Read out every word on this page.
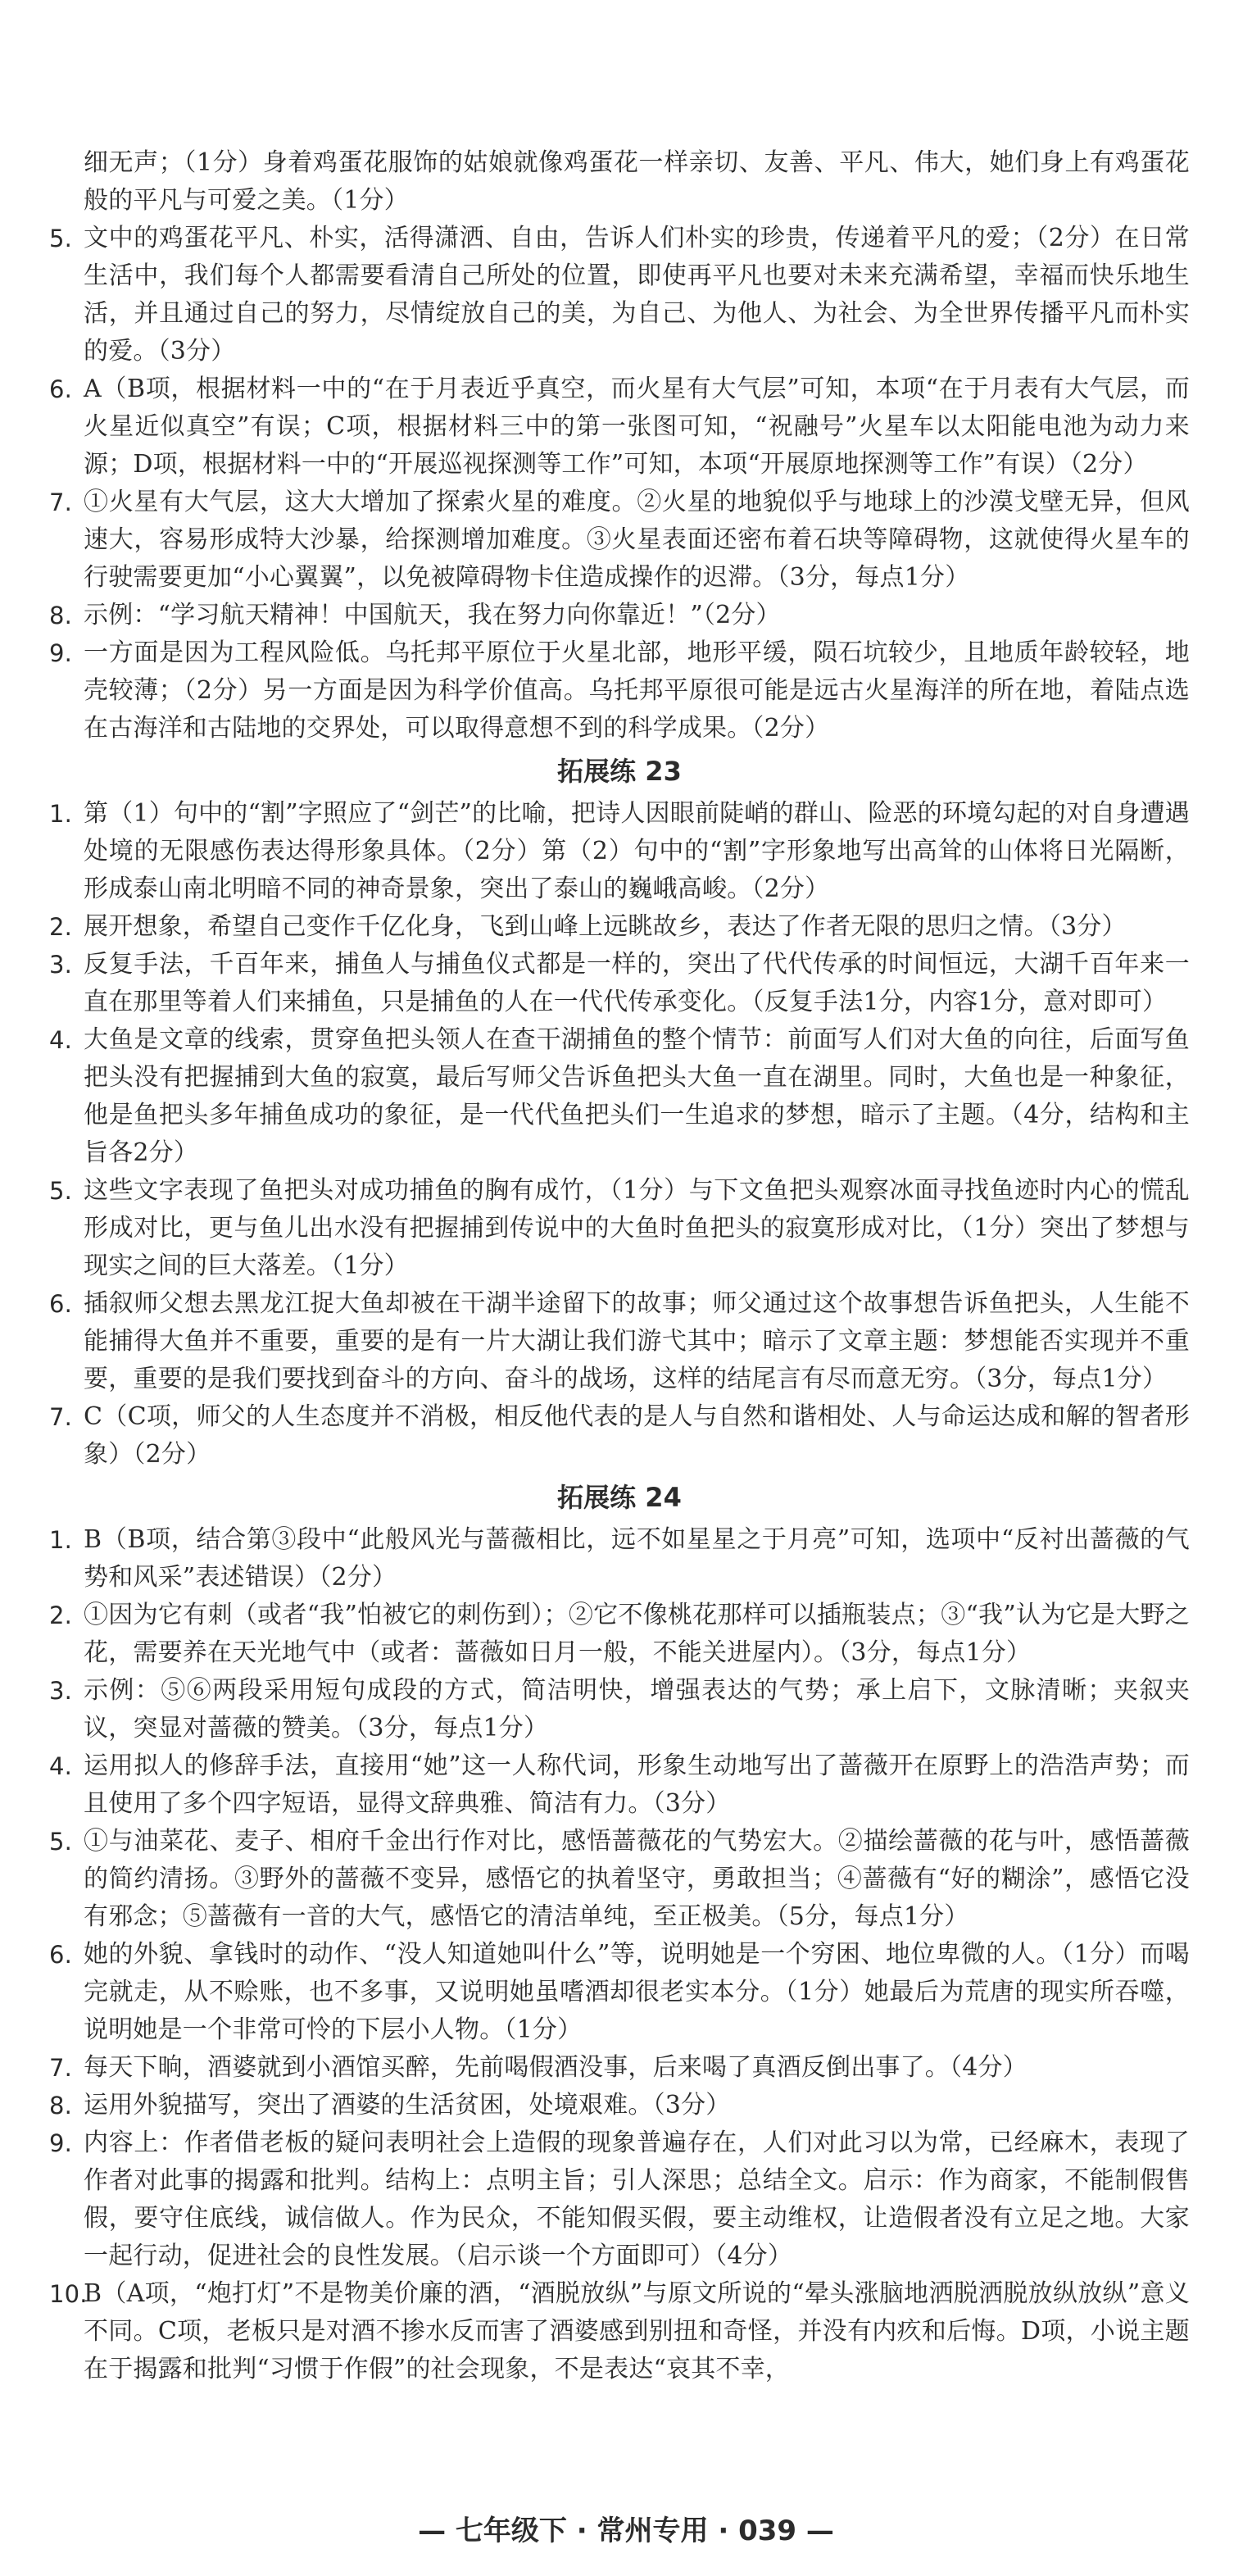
细无声；（1分）身着鸡蛋花服饰的姑娘就像鸡蛋花一样亲切、友善、平凡、伟大，她们身上有鸡蛋花般的平凡与可爱之美。（1分）
5. 文中的鸡蛋花平凡、朴实，活得潇洒、自由，告诉人们朴实的珍贵，传递着平凡的爱；（2分）在日常生活中，我们每个人都需要看清自己所处的位置，即使再平凡也要对未来充满希望，幸福而快乐地生活，并且通过自己的努力，尽情绽放自己的美，为自己、为他人、为社会、为全世界传播平凡而朴实的爱。（3分）
6. A（B项，根据材料一中的“在于月表近乎真空，而火星有大气层”可知，本项“在于月表有大气层，而火星近似真空”有误；C项，根据材料三中的第一张图可知，“祝融号”火星车以太阳能电池为动力来源；D项，根据材料一中的“开展巡视探测等工作”可知，本项“开展原地探测等工作”有误）（2分）
7. ①火星有大气层，这大大增加了探索火星的难度。②火星的地貌似乎与地球上的沙漠戈壁无异，但风速大，容易形成特大沙暴，给探测增加难度。③火星表面还密布着石块等障碍物，这就使得火星车的行驶需要更加“小心翼翼”，以免被障碍物卡住造成操作的迟滞。（3分，每点1分）
8. 示例：“学习航天精神！中国航天，我在努力向你靠近！”（2分）
9. 一方面是因为工程风险低。乌托邦平原位于火星北部，地形平缓，陨石坑较少，且地质年龄较轻，地壳较薄；（2分）另一方面是因为科学价值高。乌托邦平原很可能是远古火星海洋的所在地，着陆点选在古海洋和古陆地的交界处，可以取得意想不到的科学成果。（2分）
拓展练 23
1. 第（1）句中的“割”字照应了“剑芒”的比喻，把诗人因眼前陡峭的群山、险恶的环境勾起的对自身遭遇处境的无限感伤表达得形象具体。（2分）第（2）句中的“割”字形象地写出高耸的山体将日光隔断，形成泰山南北明暗不同的神奇景象，突出了泰山的巍峨高峻。（2分）
2. 展开想象，希望自己变作千亿化身，飞到山峰上远眺故乡，表达了作者无限的思归之情。（3分）
3. 反复手法，千百年来，捕鱼人与捕鱼仪式都是一样的，突出了代代传承的时间恒远，大湖千百年来一直在那里等着人们来捕鱼，只是捕鱼的人在一代代传承变化。（反复手法1分，内容1分，意对即可）
4. 大鱼是文章的线索，贯穿鱼把头领人在查干湖捕鱼的整个情节：前面写人们对大鱼的向往，后面写鱼把头没有把握捕到大鱼的寂寞，最后写师父告诉鱼把头大鱼一直在湖里。同时，大鱼也是一种象征，他是鱼把头多年捕鱼成功的象征，是一代代鱼把头们一生追求的梦想，暗示了主题。（4分，结构和主旨各2分）
5. 这些文字表现了鱼把头对成功捕鱼的胸有成竹，（1分）与下文鱼把头观察冰面寻找鱼迹时内心的慌乱形成对比，更与鱼儿出水没有把握捕到传说中的大鱼时鱼把头的寂寞形成对比，（1分）突出了梦想与现实之间的巨大落差。（1分）
6. 插叙师父想去黑龙江捉大鱼却被在干湖半途留下的故事；师父通过这个故事想告诉鱼把头，人生能不能捕得大鱼并不重要，重要的是有一片大湖让我们游弋其中；暗示了文章主题：梦想能否实现并不重要，重要的是我们要找到奋斗的方向、奋斗的战场，这样的结尾言有尽而意无穷。（3分，每点1分）
7. C（C项，师父的人生态度并不消极，相反他代表的是人与自然和谐相处、人与命运达成和解的智者形象）（2分）
拓展练 24
1. B（B项，结合第③段中“此般风光与蔷薇相比，远不如星星之于月亮”可知，选项中“反衬出蔷薇的气势和风采”表述错误）（2分）
2. ①因为它有刺（或者“我”怕被它的刺伤到）；②它不像桃花那样可以插瓶装点；③“我”认为它是大野之花，需要养在天光地气中（或者：蔷薇如日月一般，不能关进屋内）。（3分，每点1分）
3. 示例：⑤⑥两段采用短句成段的方式，简洁明快，增强表达的气势；承上启下，文脉清晰；夹叙夹议，突显对蔷薇的赞美。（3分，每点1分）
4. 运用拟人的修辞手法，直接用“她”这一人称代词，形象生动地写出了蔷薇开在原野上的浩浩声势；而且使用了多个四字短语，显得文辞典雅、简洁有力。（3分）
5. ①与油菜花、麦子、相府千金出行作对比，感悟蔷薇花的气势宏大。②描绘蔷薇的花与叶，感悟蔷薇的简约清扬。③野外的蔷薇不变异，感悟它的执着坚守，勇敢担当；④蔷薇有“好的糊涂”，感悟它没有邪念；⑤蔷薇有一音的大气，感悟它的清洁单纯，至正极美。（5分，每点1分）
6. 她的外貌、拿钱时的动作、“没人知道她叫什么”等，说明她是一个穷困、地位卑微的人。（1分）而喝完就走，从不赊账，也不多事，又说明她虽嗜酒却很老实本分。（1分）她最后为荒唐的现实所吞噬，说明她是一个非常可怜的下层小人物。（1分）
7. 每天下晌，酒婆就到小酒馆买醉，先前喝假酒没事，后来喝了真酒反倒出事了。（4分）
8. 运用外貌描写，突出了酒婆的生活贫困，处境艰难。（3分）
9. 内容上：作者借老板的疑问表明社会上造假的现象普遍存在，人们对此习以为常，已经麻木，表现了作者对此事的揭露和批判。结构上：点明主旨；引人深思；总结全文。启示：作为商家，不能制假售假，要守住底线，诚信做人。作为民众，不能知假买假，要主动维权，让造假者没有立足之地。大家一起行动，促进社会的良性发展。（启示谈一个方面即可）（4分）
10.
B（A项，“炮打灯”不是物美价廉的酒，“酒脱放纵”与原文所说的“晕头涨脑地洒脱洒脱放纵放纵”意义不同。C项，老板只是对酒不掺水反而害了酒婆感到别扭和奇怪，并没有内疚和后悔。D项，小说主题在于揭露和批判“习惯于作假”的社会现象，不是表达“哀其不幸，
— 七年级下 · 常州专用 · 039 —
